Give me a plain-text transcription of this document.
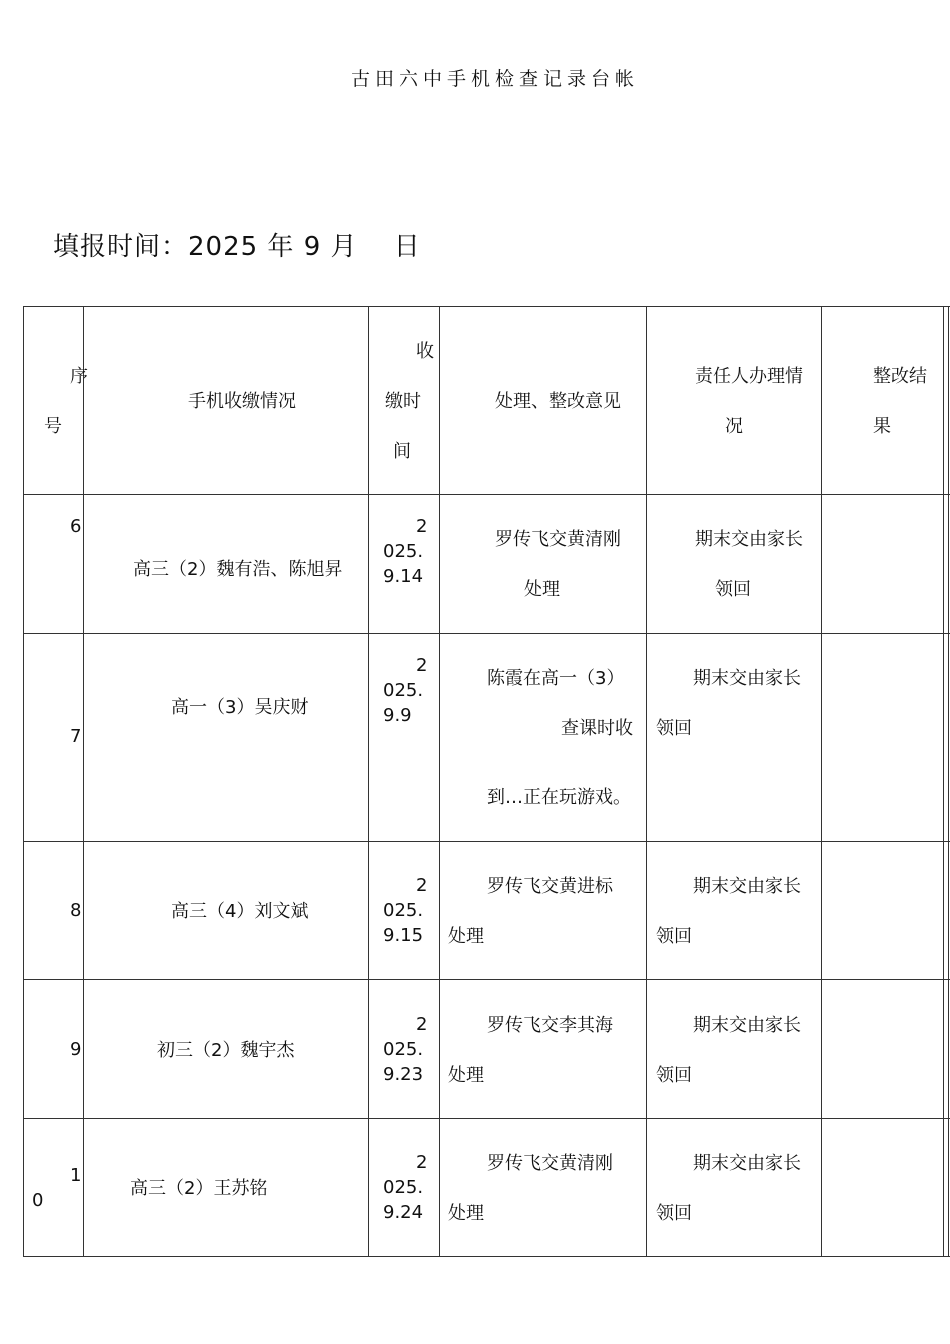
古田六中手机检查记录台帐
填报时间：2025 年 9 月　 日
序
号
手机收缴情况
收
缴时
间
处理、整改意见
责任人办理情
况
整改结
果
6
高三（2）魏有浩、陈旭昇
2
025.
9.14
罗传飞交黄清刚
处理
期末交由家长
领回
7
高一（3）吴庆财
2
025.
9.9
陈霞在高一（3）
查课时收
到…正在玩游戏。
期末交由家长
领回
8	高三（4）刘文斌
2
025.
9.15
罗传飞交黄进标
处理
期末交由家长
领回
9	初三（2）魏宇杰
2
025.
9.23
罗传飞交李其海
处理
期末交由家长
领回
1
0
高三（2）王苏铭
2
025.
9.24
罗传飞交黄清刚
处理
期末交由家长
领回
